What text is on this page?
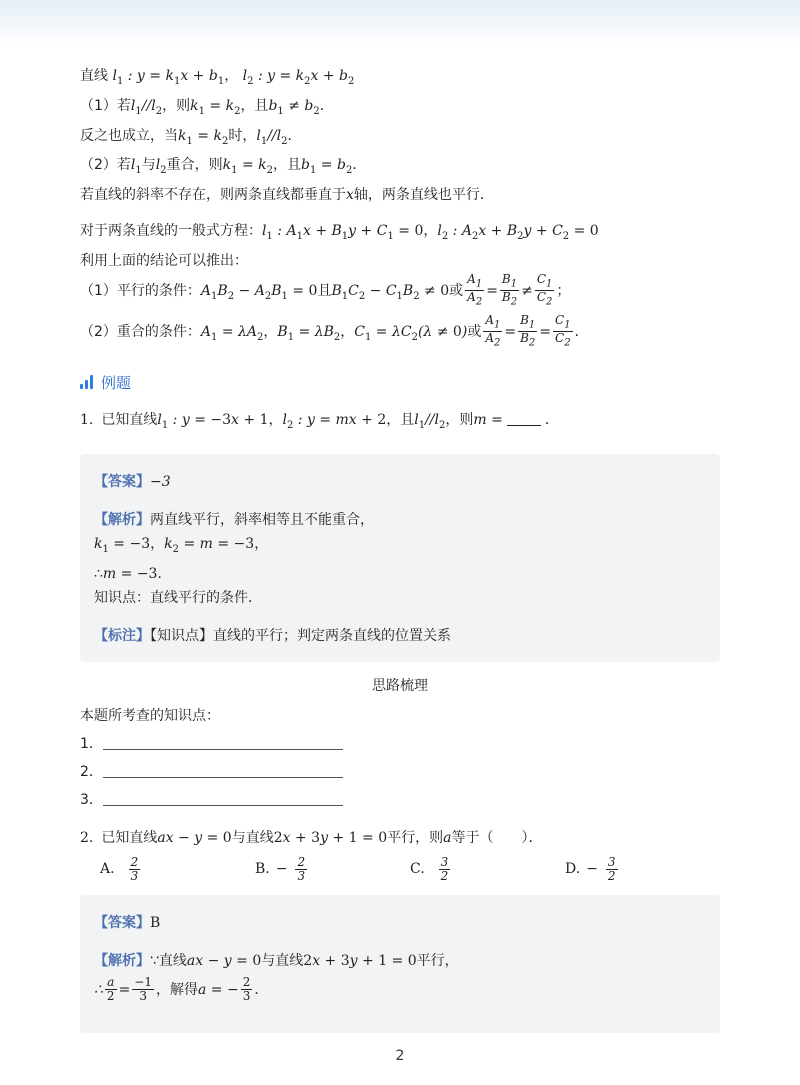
直线 $l_1$ : $y = k_1x + b_1$， $l_2$ : $y = k_2x + b_2$

（1）若$l_1//l_2$，则$k_1 = k_2$，且$b_1 \ne b_2$．

反之也成立，当$k_1 = k_2$时，$l_1//l_2$．

（2）若$l_1$与$l_2$重合，则$k_1 = k_2$，且$b_1 = b_2$．

若直线的斜率不存在，则两条直线都垂直于x轴，两条直线也平行．

对于两条直线的一般式方程：$l_1$ : $A_1x + B_1y + C_1 = 0$，$l_2$ : $A_2x + B_2y + C_2 = 0$

利用上面的结论可以推出：

（1）平行的条件：$A_1B_2 - A_2B_1 = 0$且$B_1C_2 - C_1B_2 \ne 0$或 $\frac{A_1}{A_2} = \frac{B_1}{B_2} \ne \frac{C_1}{C_2}$ ；

（2）重合的条件：$A_1 = \lambda A_2$，$B_1 = \lambda B_2$，$C_1 = \lambda C_2(\lambda \ne 0)$或 $\frac{A_1}{A_2} = \frac{B_1}{B_2} = \frac{C_1}{C_2}$ ．

例题

1. 已知直线$l_1$ : y = −3x + 1，$l_2$ : y = mx + 2，且$l_1//l_2$，则m =	．

【答案】−3

【解析】两直线平行，斜率相等且不能重合，

$k_1 = -3$，$k_2 = m = -3$，

∴m = −3．

知识点：直线平行的条件．

【标注】【知识点】直线的平行；判定两条直线的位置关系

思路梳理

本题所考查的知识点：

1．

2．

3．

2. 已知直线ax − y = 0与直线2x + 3y + 1 = 0平行，则a等于（　　）．

A. $\frac{2}{3}$	B. − $\frac{2}{3}$	C. $\frac{3}{2}$	D. − $\frac{3}{2}$

【答案】B

【解析】∵直线ax − y = 0与直线2x + 3y + 1 = 0平行，

∴ $\frac{a}{2} = \frac{-1}{3}$ ，解得a = − $\frac{2}{3}$ ．

2
